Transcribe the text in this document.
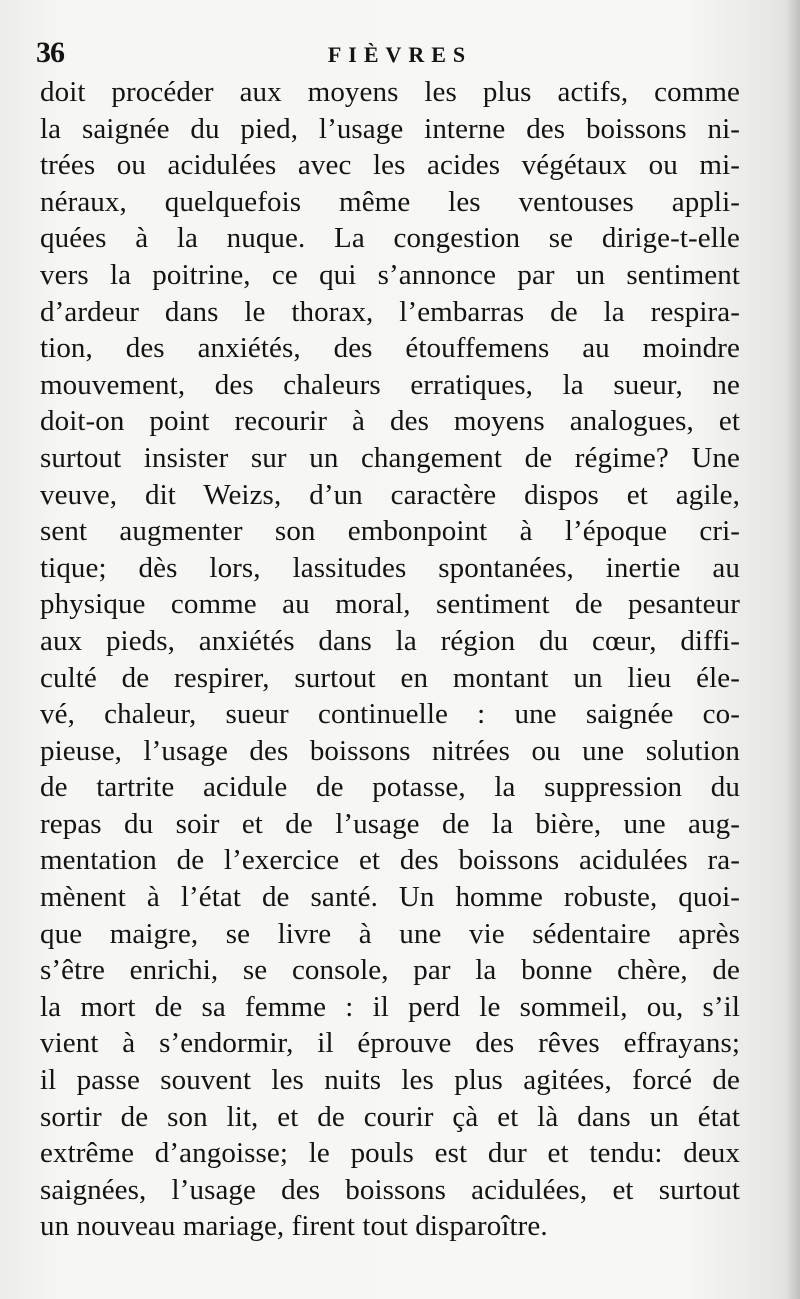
36	FIÈVRES
doit procéder aux moyens les plus actifs, comme
la saignée du pied, l’usage interne des boissons ni-
trées ou acidulées avec les acides végétaux ou mi-
néraux, quelquefois même les ventouses appli-
quées à la nuque. La congestion se dirige-t-elle
vers la poitrine, ce qui s’annonce par un sentiment
d’ardeur dans le thorax, l’embarras de la respira-
tion, des anxiétés, des étouffemens au moindre
mouvement, des chaleurs erratiques, la sueur, ne
doit-on point recourir à des moyens analogues, et
surtout insister sur un changement de régime? Une
veuve, dit Weizs, d’un caractère dispos et agile,
sent augmenter son embonpoint à l’époque cri-
tique; dès lors, lassitudes spontanées, inertie au
physique comme au moral, sentiment de pesanteur
aux pieds, anxiétés dans la région du cœur, diffi-
culté de respirer, surtout en montant un lieu éle-
vé, chaleur, sueur continuelle : une saignée co-
pieuse, l’usage des boissons nitrées ou une solution
de tartrite acidule de potasse, la suppression du
repas du soir et de l’usage de la bière, une aug-
mentation de l’exercice et des boissons acidulées ra-
mènent à l’état de santé. Un homme robuste, quoi-
que maigre, se livre à une vie sédentaire après
s’être enrichi, se console, par la bonne chère, de
la mort de sa femme : il perd le sommeil, ou, s’il
vient à s’endormir, il éprouve des rêves effrayans;
il passe souvent les nuits les plus agitées, forcé de
sortir de son lit, et de courir çà et là dans un état
extrême d’angoisse; le pouls est dur et tendu: deux
saignées, l’usage des boissons acidulées, et surtout
un nouveau mariage, firent tout disparoître.
